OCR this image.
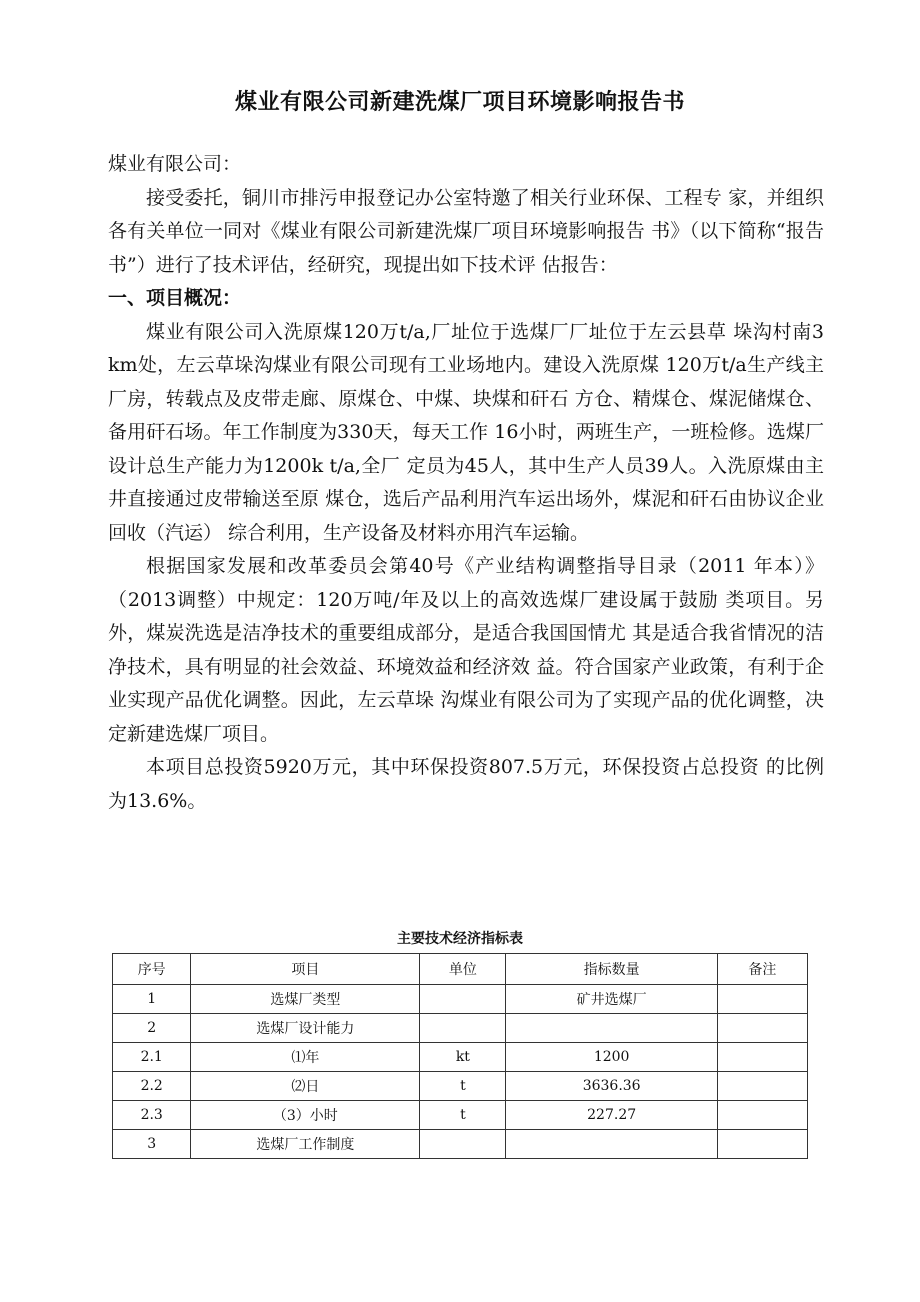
煤业有限公司新建洗煤厂项目环境影响报告书

煤业有限公司：

接受委托，铜川市排污申报登记办公室特邀了相关行业环保、工程专 家，并组织各有关单位一同对《煤业有限公司新建洗煤厂项目环境影响报告 书》（以下简称“报告书”）进行了技术评估，经研究，现提出如下技术评 估报告：

一、项目概况：

煤业有限公司入洗原煤120万t/a,厂址位于选煤厂厂址位于左云县草 垛沟村南3 km处，左云草垛沟煤业有限公司现有工业场地内。建设入洗原煤 120万t/a生产线主厂房，转载点及皮带走廊、原煤仓、中煤、块煤和矸石 方仓、精煤仓、煤泥储煤仓、备用矸石场。年工作制度为330天，每天工作 16小时，两班生产，一班检修。选煤厂设计总生产能力为1200k t/a,全厂 定员为45人，其中生产人员39人。入洗原煤由主井直接通过皮带输送至原 煤仓，选后产品利用汽车运出场外，煤泥和矸石由协议企业回收（汽运） 综合利用，生产设备及材料亦用汽车运输。

根据国家发展和改革委员会第40号《产业结构调整指导目录（2011 年本）》（2013调整）中规定：120万吨/年及以上的高效选煤厂建设属于鼓励 类项目。另外，煤炭洗选是洁净技术的重要组成部分，是适合我国国情尤 其是适合我省情况的洁净技术，具有明显的社会效益、环境效益和经济效 益。符合国家产业政策，有利于企业实现产品优化调整。因此，左云草垛 沟煤业有限公司为了实现产品的优化调整，决定新建选煤厂项目。

本项目总投资5920万元，其中环保投资807.5万元，环保投资占总投资 的比例为13.6%。

主要技术经济指标表
序号	项目	单位	指标数量	备注
1	选煤厂类型		矿井选煤厂	
2	选煤厂设计能力			
2.1	⑴年	kt	1200	
2.2	⑵日	t	3636.36	
2.3	（3）小时	t	227.27	
3	选煤厂工作制度			
